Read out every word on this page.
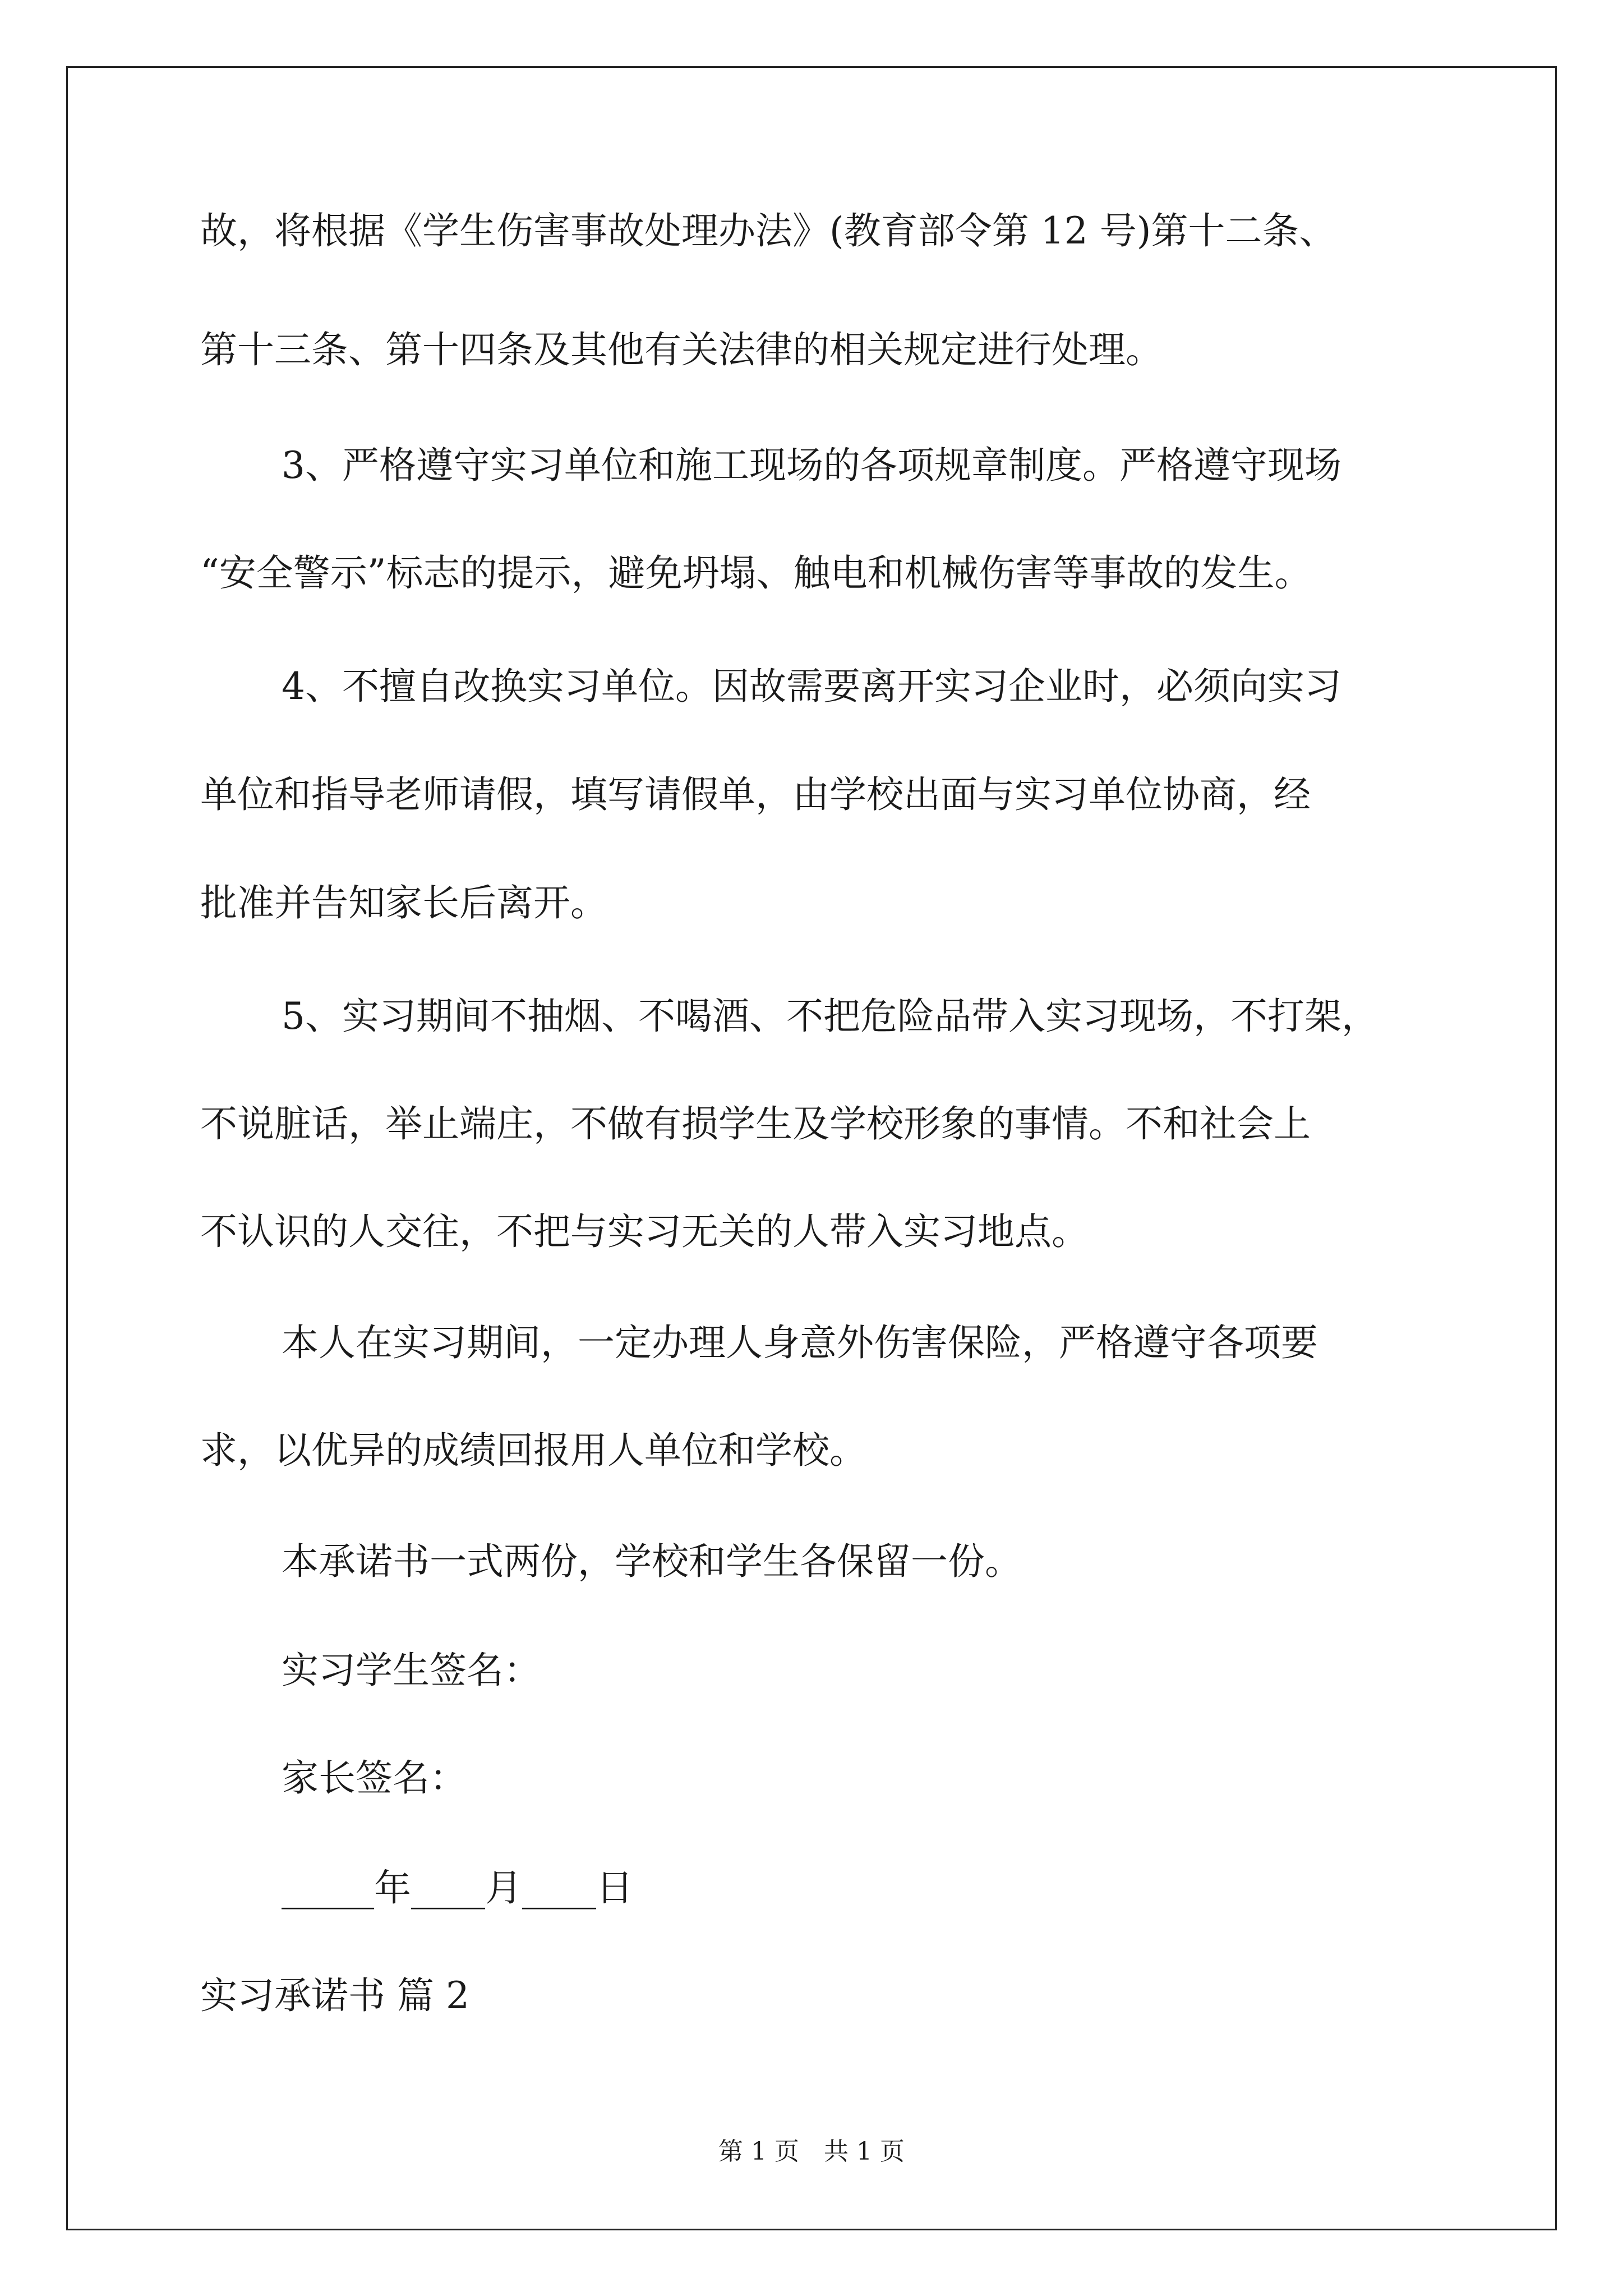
故，将根据《学生伤害事故处理办法》(教育部令第 12 号)第十二条、
第十三条、第十四条及其他有关法律的相关规定进行处理。
3、严格遵守实习单位和施工现场的各项规章制度。严格遵守现场
“安全警示”标志的提示，避免坍塌、触电和机械伤害等事故的发生。
4、不擅自改换实习单位。因故需要离开实习企业时，必须向实习
单位和指导老师请假，填写请假单，由学校出面与实习单位协商，经
批准并告知家长后离开。
5、实习期间不抽烟、不喝酒、不把危险品带入实习现场，不打架，
不说脏话，举止端庄，不做有损学生及学校形象的事情。不和社会上
不认识的人交往，不把与实习无关的人带入实习地点。
本人在实习期间，一定办理人身意外伤害保险，严格遵守各项要
求，以优异的成绩回报用人单位和学校。
本承诺书一式两份，学校和学生各保留一份。
实习学生签名：
家长签名：
_____年____月____日
实习承诺书 篇 2
第 1 页　共 1 页
